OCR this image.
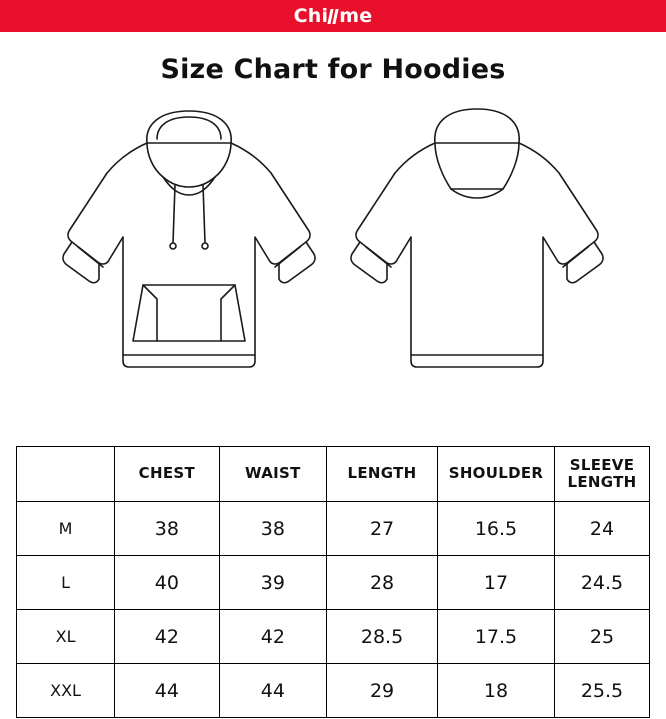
Chi me
Size Chart for Hoodies
	CHEST	WAIST	LENGTH	SHOULDER	SLEEVE LENGTH
M	38	38	27	16.5	24
L	40	39	28	17	24.5
XL	42	42	28.5	17.5	25
XXL	44	44	29	18	25.5
